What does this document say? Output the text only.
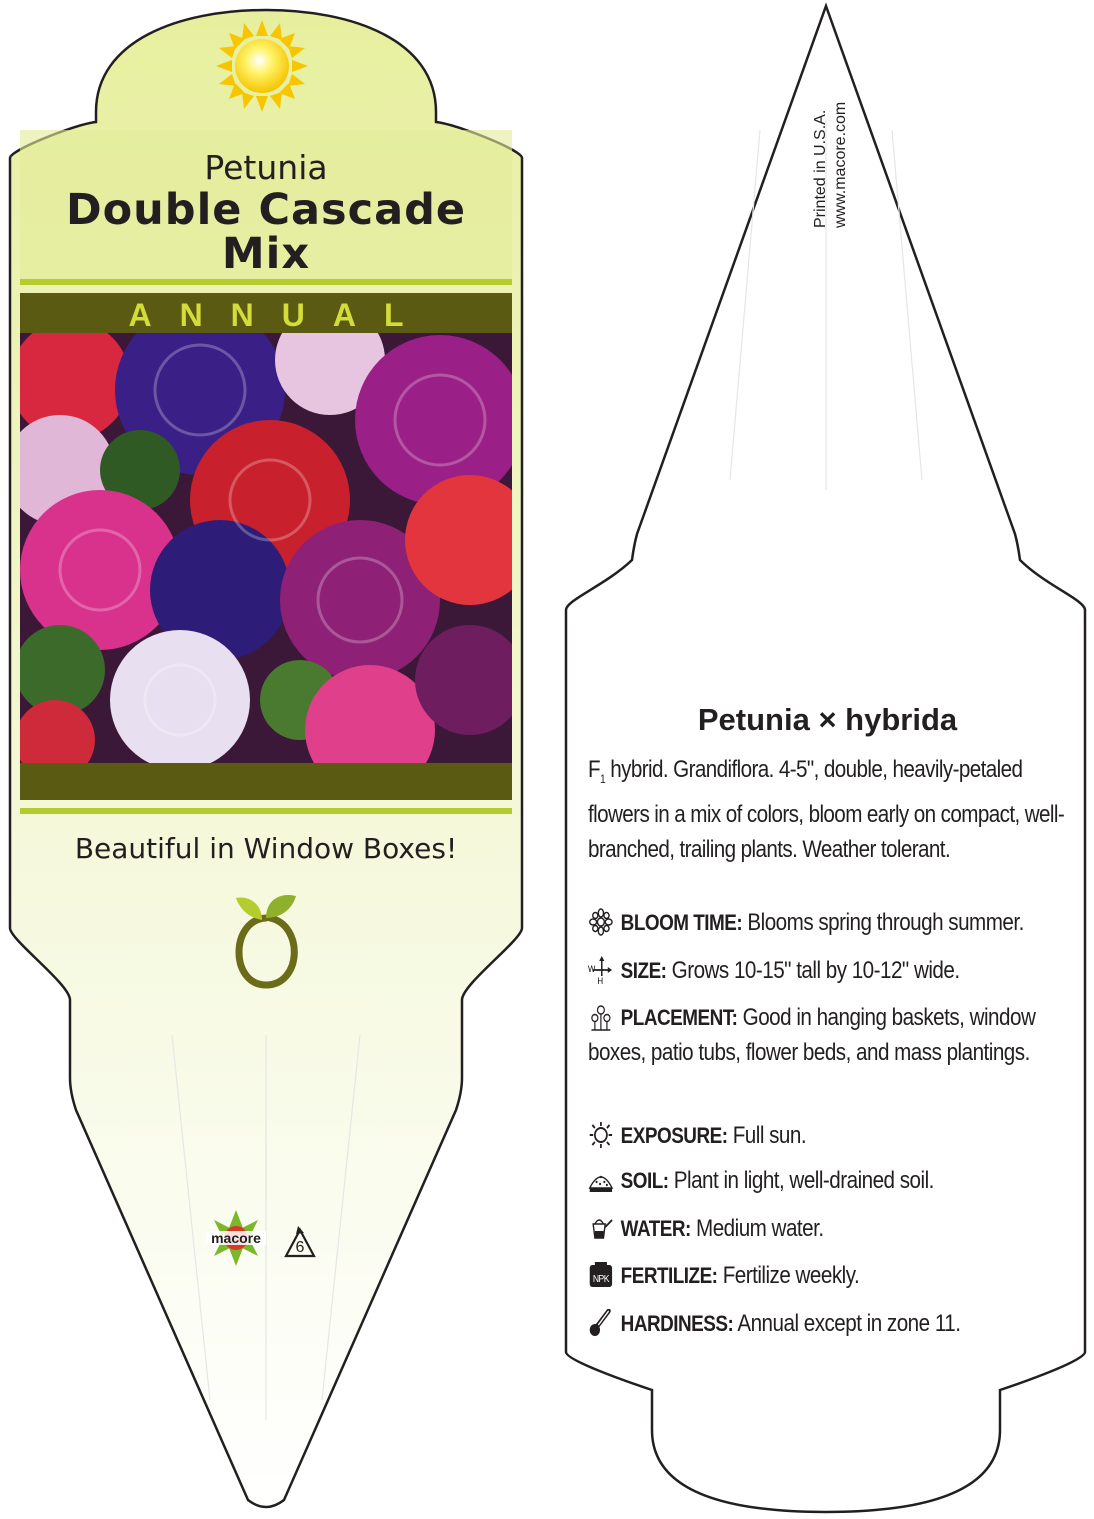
macore
6
Petunia
Double Cascade
Mix
ANNUAL
Beautiful in Window Boxes!
Printed in U.S.A. www.macore.com
Petunia × hybrida
$F_1$ hybrid. Grandiflora. 4-5", double, heavily-petaled flowers in a mix of colors, bloom early on compact, well-branched, trailing plants. Weather tolerant.
BLOOM TIME: Blooms spring through summer.
W
H SIZE: Grows 10-15" tall by 10-12" wide.
PLACEMENT: Good in hanging baskets, window boxes, patio tubs, flower beds, and mass plantings.
EXPOSURE: Full sun.
SOIL: Plant in light, well-drained soil.
WATER: Medium water.
NPK FERTILIZE: Fertilize weekly.
HARDINESS: Annual except in zone 11.
